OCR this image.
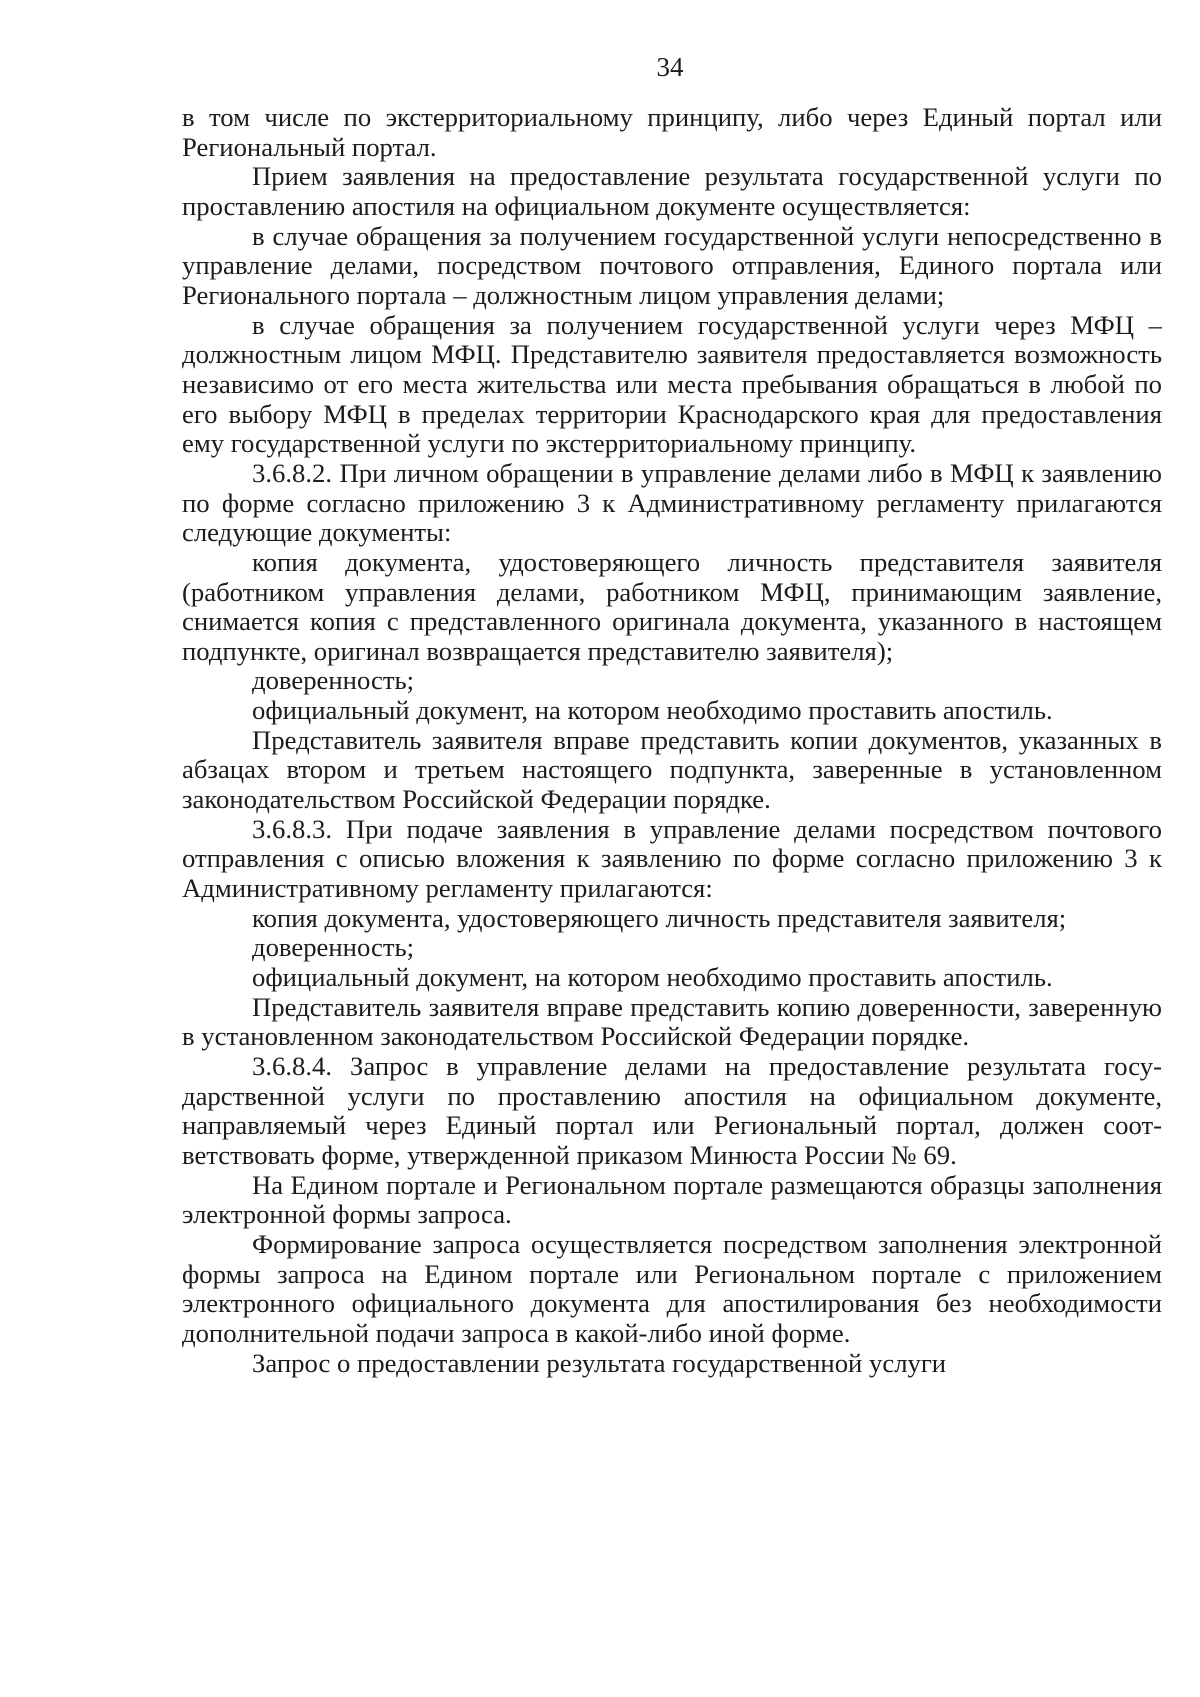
34

в том числе по экстерриториальному принципу, либо через Единый портал или Региональный портал.

Прием заявления на предоставление результата государственной услуги по проставлению апостиля на официальном документе осуществляется:

в случае обращения за получением государственной услуги непосредственно в управление делами, посредством почтового отправления, Единого портала или Регионального портала – должностным лицом управления делами;

в случае обращения за получением государственной услуги через МФЦ – должностным лицом МФЦ. Представителю заявителя предоставляется возможность независимо от его места жительства или места пребывания обращаться в любой по его выбору МФЦ в пределах территории Краснодарского края для предоставления ему государственной услуги по экстерриториальному принципу.

3.6.8.2. При личном обращении в управление делами либо в МФЦ к заявлению по форме согласно приложению 3 к Административному регламенту прилагаются следующие документы:

копия документа, удостоверяющего личность представителя заявителя (работником управления делами, работником МФЦ, принимающим заявление, снимается копия с представленного оригинала документа, указанного в настоящем подпункте, оригинал возвращается представителю заявителя);

доверенность;

официальный документ, на котором необходимо проставить апостиль.

Представитель заявителя вправе представить копии документов, указанных в абзацах втором и третьем настоящего подпункта, заверенные в установленном законодательством Российской Федерации порядке.

3.6.8.3. При подаче заявления в управление делами посредством почтового отправления с описью вложения к заявлению по форме согласно приложению 3 к Административному регламенту прилагаются:

копия документа, удостоверяющего личность представителя заявителя;

доверенность;

официальный документ, на котором необходимо проставить апостиль.

Представитель заявителя вправе представить копию доверенности, заверенную в установленном законодательством Российской Федерации порядке.

3.6.8.4. Запрос в управление делами на предоставление результата государственной услуги по проставлению апостиля на официальном документе, направляемый через Единый портал или Региональный портал, должен соответствовать форме, утвержденной приказом Минюста России № 69.

На Едином портале и Региональном портале размещаются образцы заполнения электронной формы запроса.

Формирование запроса осуществляется посредством заполнения электронной формы запроса на Едином портале или Региональном портале с приложением электронного официального документа для апостилирования без необходимости дополнительной подачи запроса в какой-либо иной форме.

Запрос о предоставлении результата государственной услуги
